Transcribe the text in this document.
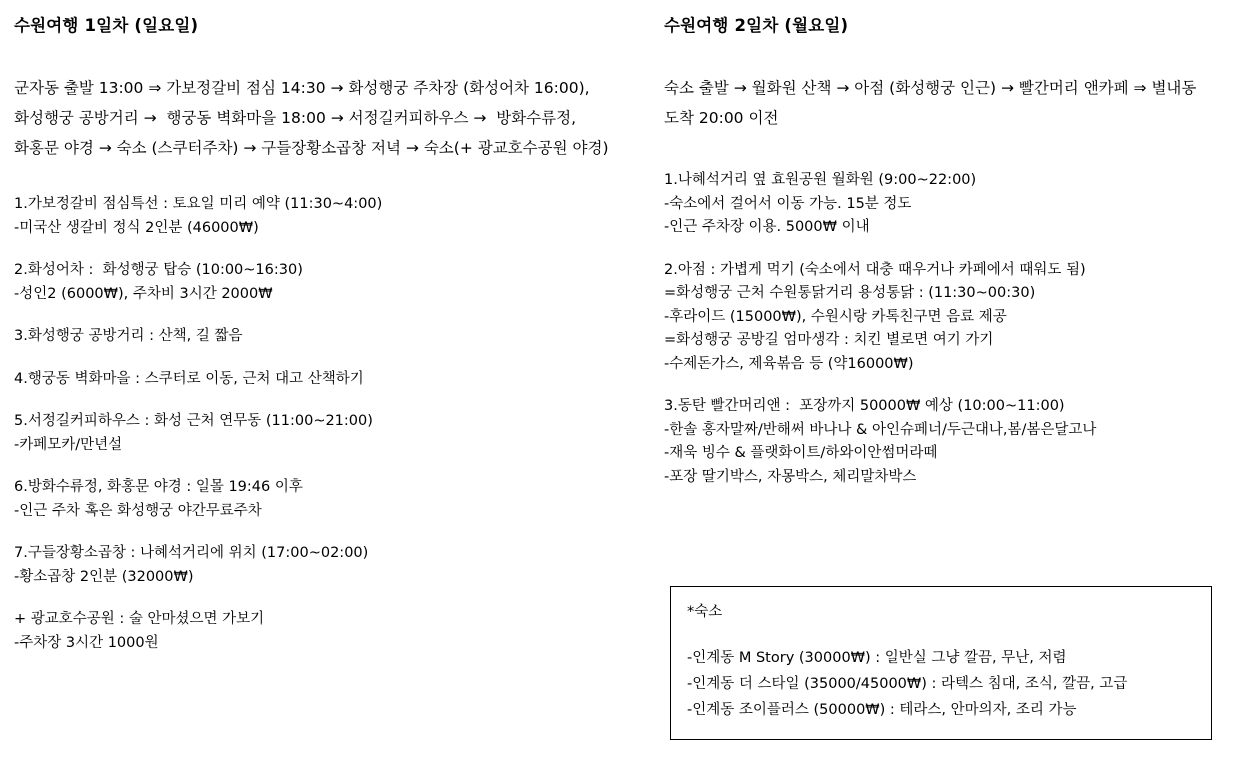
수원여행 1일차 (일요일)
군자동 출발 13:00 ⇒ 가보정갈비 점심 14:30 → 화성행궁 주차장 (화성어차 16:00), 화성행궁 공방거리 →  행궁동 벽화마을 18:00 → 서정길커피하우스 →  방화수류정, 화홍문 야경 → 숙소 (스쿠터주차) → 구들장황소곱창 저녁 → 숙소(+ 광교호수공원 야경)
1.가보정갈비 점심특선 : 토요일 미리 예약 (11:30~4:00)
-미국산 생갈비 정식 2인분 (46000₩)
2.화성어차 :  화성행궁 탑승 (10:00~16:30)
-성인2 (6000₩), 주차비 3시간 2000₩
3.화성행궁 공방거리 : 산책, 길 짧음
4.행궁동 벽화마을 : 스쿠터로 이동, 근처 대고 산책하기
5.서정길커피하우스 : 화성 근처 연무동 (11:00~21:00)
-카페모카/만년설
6.방화수류정, 화홍문 야경 : 일몰 19:46 이후
-인근 주차 혹은 화성행궁 야간무료주차
7.구들장황소곱창 : 나혜석거리에 위치 (17:00~02:00)
-황소곱창 2인분 (32000₩)
+ 광교호수공원 : 술 안마셨으면 가보기
-주차장 3시간 1000원
수원여행 2일차 (월요일)
숙소 출발 → 월화원 산책 → 아점 (화성행궁 인근) → 빨간머리 앤카페 ⇒ 별내동 도착 20:00 이전
1.나혜석거리 옆 효원공원 월화원 (9:00~22:00)
-숙소에서 걸어서 이동 가능. 15분 정도
-인근 주차장 이용. 5000₩ 이내
2.아점 : 가볍게 먹기 (숙소에서 대충 때우거나 카페에서 때워도 됨)
=화성행궁 근처 수원통닭거리 용성통닭 : (11:30~00:30)
-후라이드 (15000₩), 수원시랑 카톡친구면 음료 제공
=화성행궁 공방길 엄마생각 : 치킨 별로면 여기 가기
-수제돈가스, 제육볶음 등 (약16000₩)
3.동탄 빨간머리앤 :  포장까지 50000₩ 예상 (10:00~11:00)
-한솔 홍자말짜/반해써 바나나 & 아인슈페너/두근대나,봄/봄은달고나
-재욱 빙수 & 플랫화이트/하와이안썸머라떼
-포장 딸기박스, 자몽박스, 체리말차박스
*숙소
-인계동 M Story (30000₩) : 일반실 그냥 깔끔, 무난, 저렴
-인계동 더 스타일 (35000/45000₩) : 라텍스 침대, 조식, 깔끔, 고급
-인계동 조이플러스 (50000₩) : 테라스, 안마의자, 조리 가능
